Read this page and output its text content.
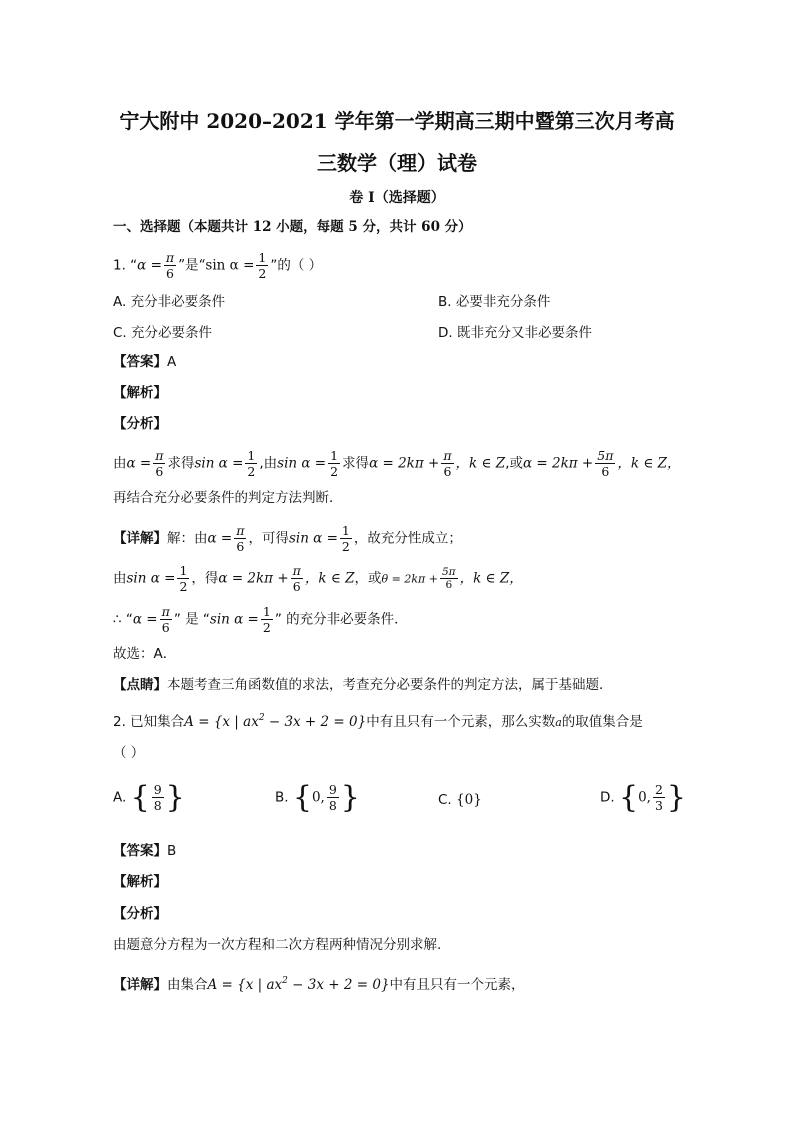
宁大附中 2020–2021 学年第一学期高三期中暨第三次月考高
三数学（理）试卷
卷 I（选择题）
一、选择题（本题共计 12 小题，每题 5 分，共计 60 分）
1. “$\alpha = \frac{\pi}{6}$ ”是“sin $\alpha = \frac{1}{2}$ ”的（ ）
A. 充分非必要条件	B. 必要非充分条件
C. 充分必要条件	D. 既非充分又非必要条件
【答案】A
【解析】
【分析】
由$\alpha = \frac{\pi}{6}$ 求得$\sin \alpha = \frac{1}{2}$ ,由$\sin \alpha = \frac{1}{2}$ 求得$\alpha = 2k\pi + \frac{\pi}{6}$ ，k ∈ Z,或$\alpha = 2k\pi + \frac{5\pi}{6}$ ，k ∈ Z，
再结合充分必要条件的判定方法判断．
【详解】解：由$\alpha = \frac{\pi}{6}$ ，可得$\sin \alpha = \frac{1}{2}$ ，故充分性成立；
由$\sin \alpha = \frac{1}{2}$ ，得$\alpha = 2k\pi + \frac{\pi}{6}$ ，k ∈ Z，或$\theta = 2k\pi + \frac{5\pi}{6}$ ，k ∈ Z，
∴ “$\alpha = \frac{\pi}{6}$ ” 是 “sin $\alpha = \frac{1}{2}$ ” 的充分非必要条件．
故选：A．
【点睛】本题考查三角函数值的求法，考查充分必要条件的判定方法，属于基础题．
2. 已知集合A = {x | $ax^2 - 3x + 2 = 0$}中有且只有一个元素，那么实数a的取值集合是
（ ）
A. { $\frac{9}{8}$ }	B. {0, $\frac{9}{8}$ }	C. {0}	D. {0, $\frac{2}{3}$ }
【答案】B
【解析】
【分析】
由题意分方程为一次方程和二次方程两种情况分别求解.
【详解】由集合A = {x | $ax^2 - 3x + 2 = 0$}中有且只有一个元素，
